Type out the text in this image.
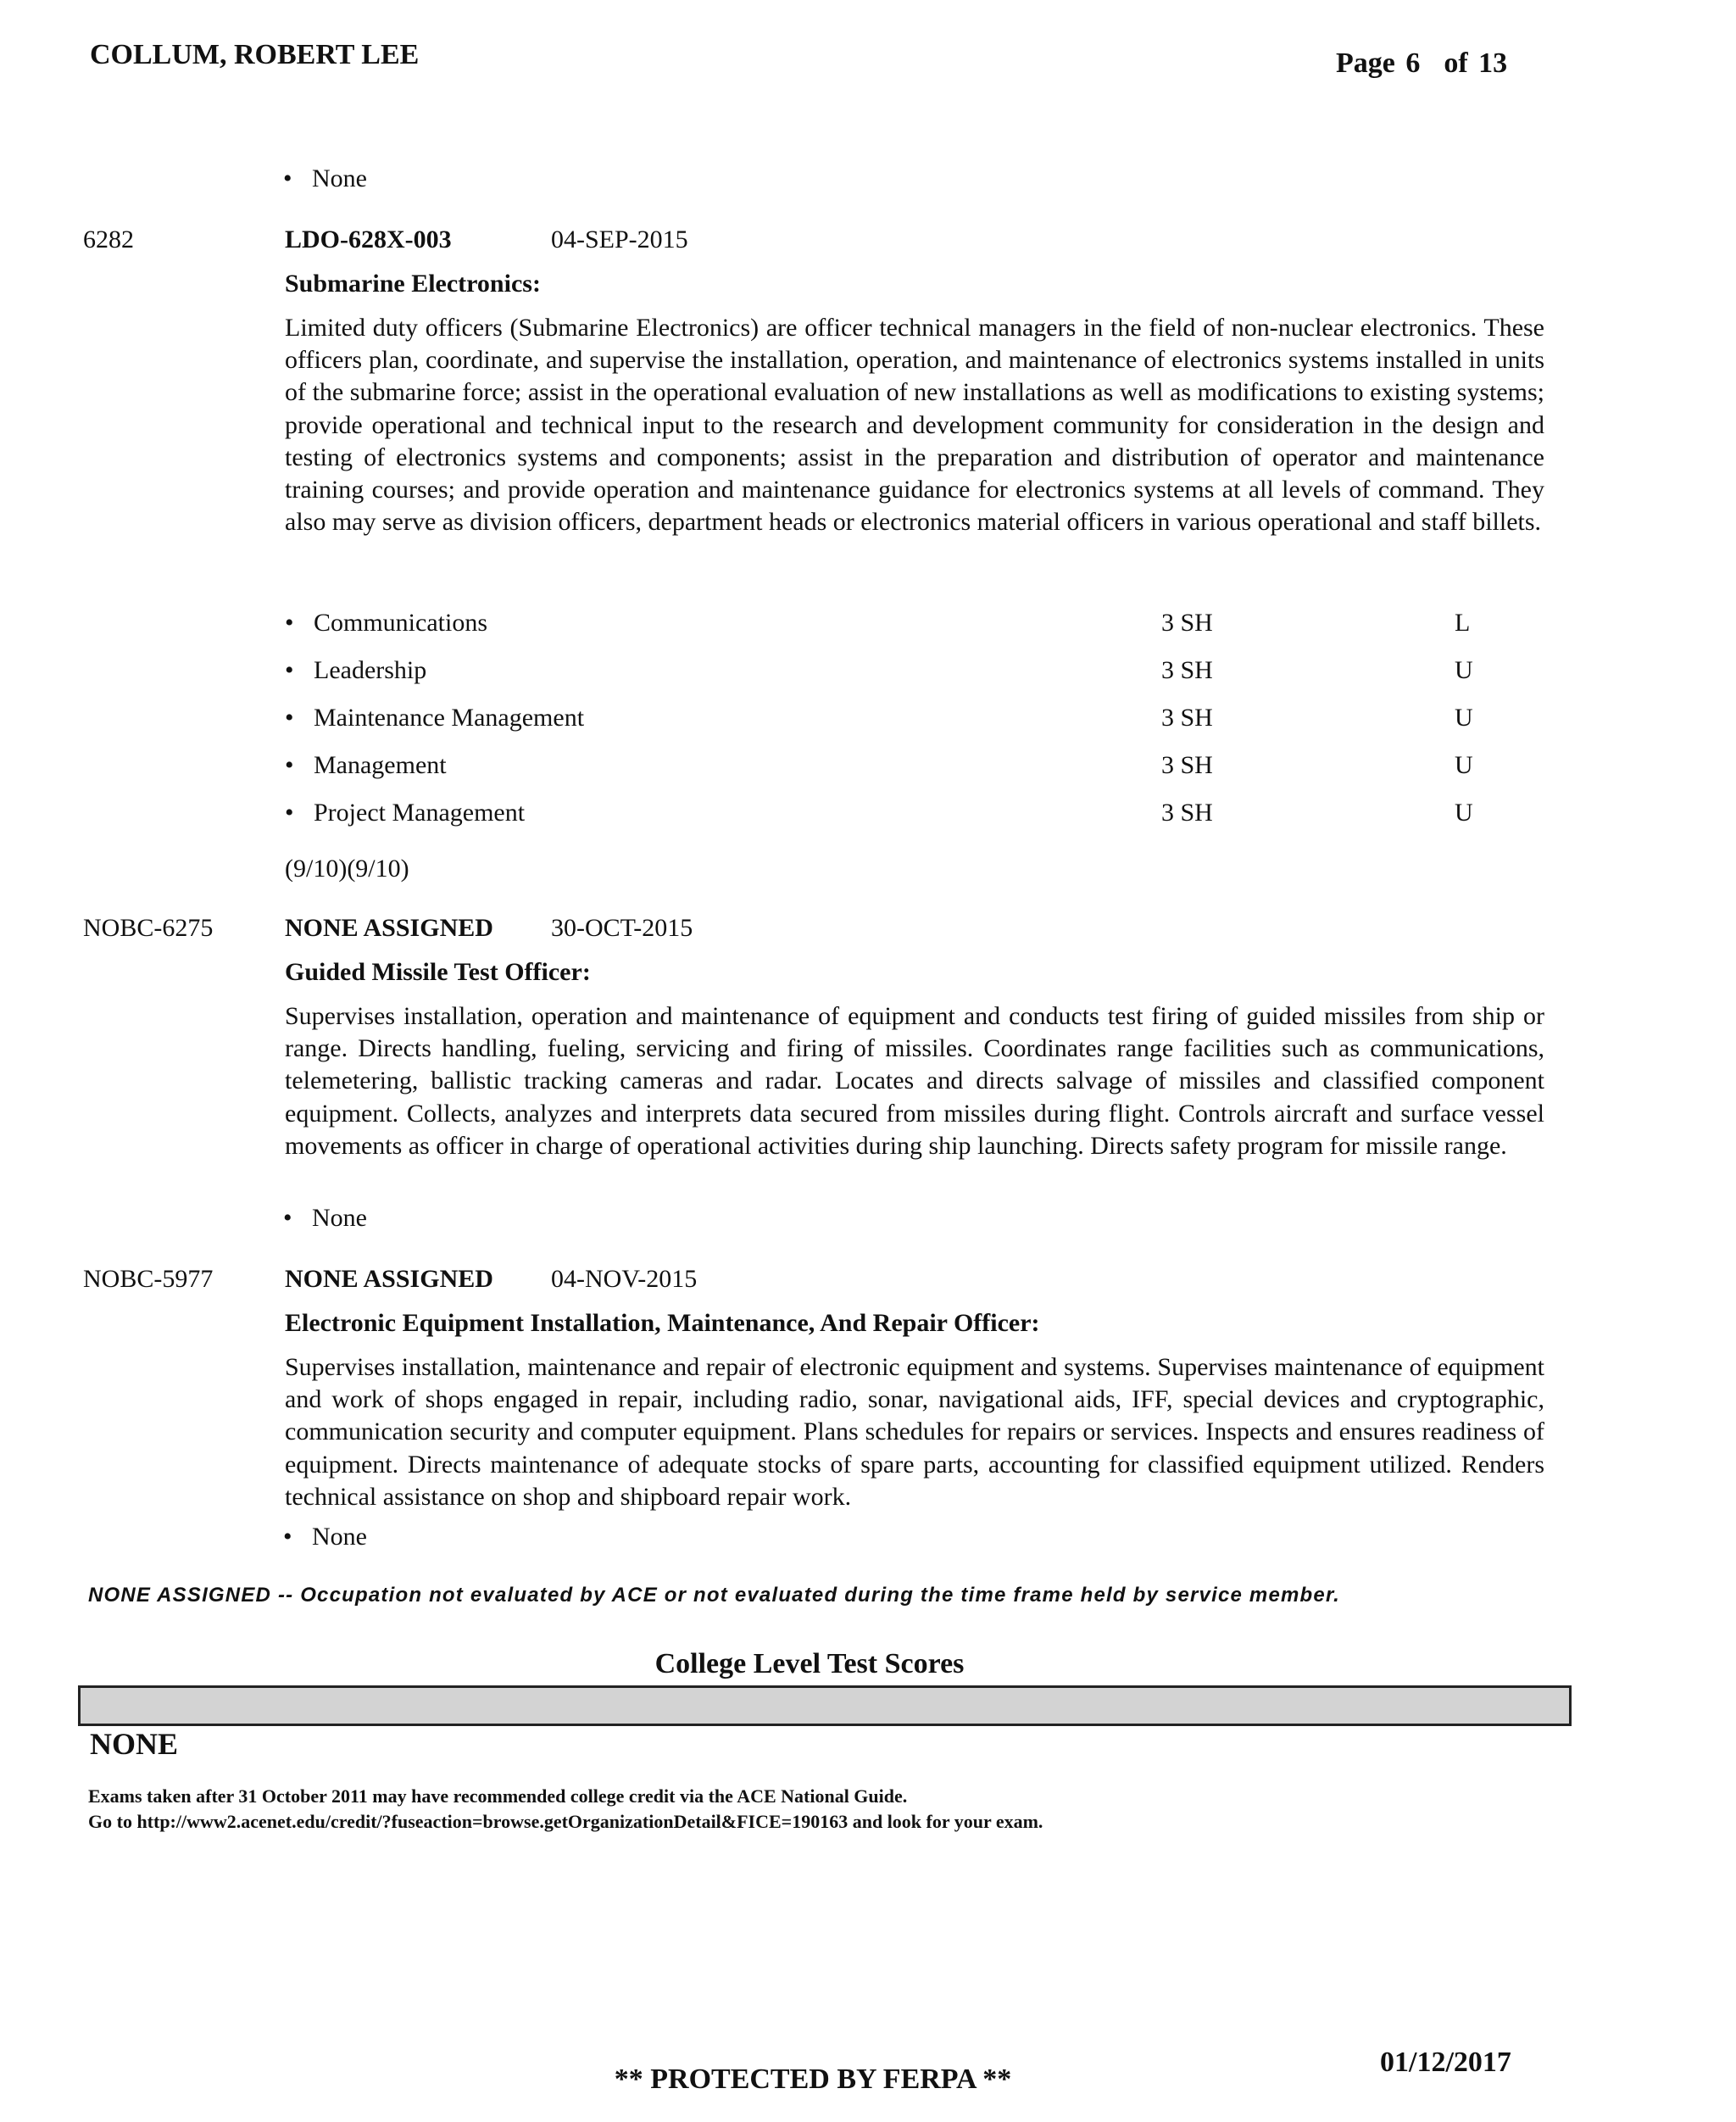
COLLUM, ROBERT LEE	Page 6 of 13
• None
6282	LDO-628X-003	04-SEP-2015
Submarine Electronics:
Limited duty officers (Submarine Electronics) are officer technical managers in the field of non-nuclear electronics. These officers plan, coordinate, and supervise the installation, operation, and maintenance of electronics systems installed in units of the submarine force; assist in the operational evaluation of new installations as well as modifications to existing systems; provide operational and technical input to the research and development community for consideration in the design and testing of electronics systems and components; assist in the preparation and distribution of operator and maintenance training courses; and provide operation and maintenance guidance for electronics systems at all levels of command. They also may serve as division officers, department heads or electronics material officers in various operational and staff billets.
• Communications	3 SH	L
• Leadership	3 SH	U
• Maintenance Management	3 SH	U
• Management	3 SH	U
• Project Management	3 SH	U
(9/10)(9/10)
NOBC-6275	NONE ASSIGNED 30-OCT-2015
Guided Missile Test Officer:
Supervises installation, operation and maintenance of equipment and conducts test firing of guided missiles from ship or range. Directs handling, fueling, servicing and firing of missiles. Coordinates range facilities such as communications, telemetering, ballistic tracking cameras and radar. Locates and directs salvage of missiles and classified component equipment. Collects, analyzes and interprets data secured from missiles during flight. Controls aircraft and surface vessel movements as officer in charge of operational activities during ship launching. Directs safety program for missile range.
• None
NOBC-5977	NONE ASSIGNED 04-NOV-2015
Electronic Equipment Installation, Maintenance, And Repair Officer:
Supervises installation, maintenance and repair of electronic equipment and systems. Supervises maintenance of equipment and work of shops engaged in repair, including radio, sonar, navigational aids, IFF, special devices and cryptographic, communication security and computer equipment. Plans schedules for repairs or services. Inspects and ensures readiness of equipment. Directs maintenance of adequate stocks of spare parts, accounting for classified equipment utilized. Renders technical assistance on shop and shipboard repair work.
• None
NONE ASSIGNED -- Occupation not evaluated by ACE or not evaluated during the time frame held by service member.
College Level Test Scores
NONE
Exams taken after 31 October 2011 may have recommended college credit via the ACE National Guide.
Go to http://www2.acenet.edu/credit/?fuseaction=browse.getOrganizationDetail&FICE=190163 and look for your exam.
01/12/2017
** PROTECTED BY FERPA **
